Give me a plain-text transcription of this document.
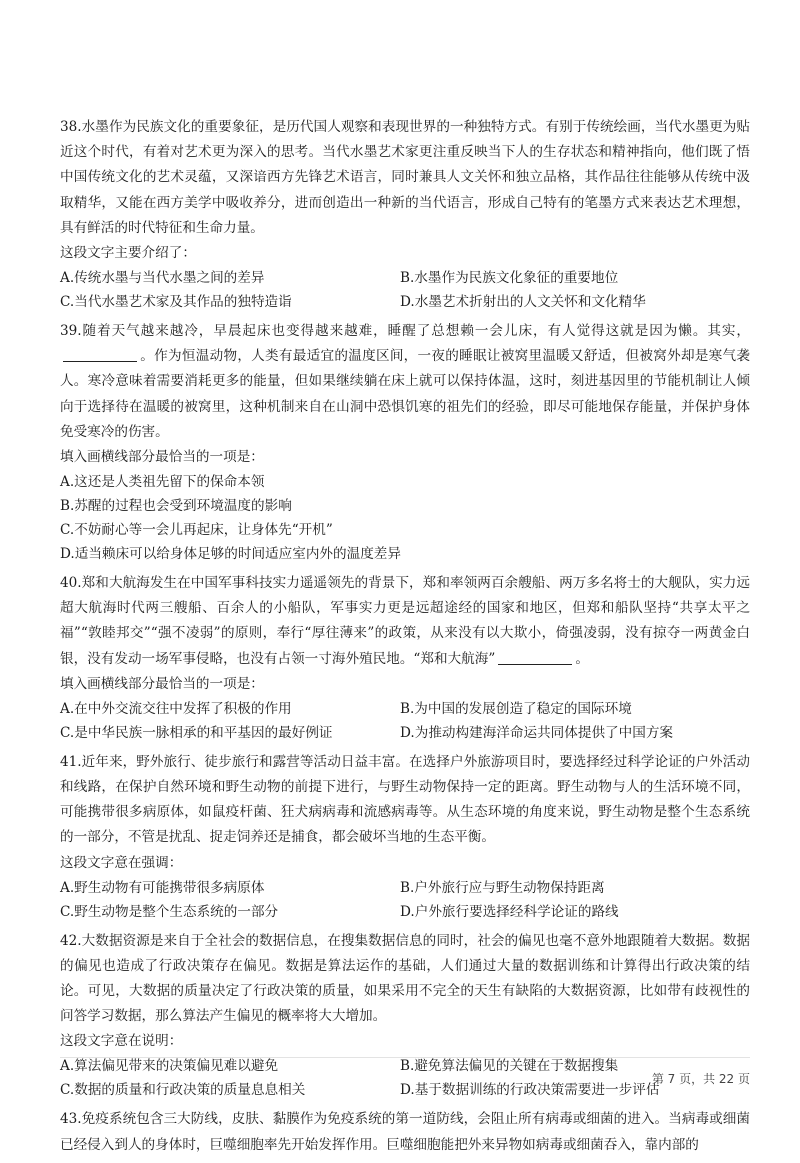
38.水墨作为民族文化的重要象征，是历代国人观察和表现世界的一种独特方式。有别于传统绘画，当代水墨更为贴近这个时代，有着对艺术更为深入的思考。当代水墨艺术家更注重反映当下人的生存状态和精神指向，他们既了悟中国传统文化的艺术灵蕴，又深谙西方先锋艺术语言，同时兼具人文关怀和独立品格，其作品往往能够从传统中汲取精华，又能在西方美学中吸收养分，进而创造出一种新的当代语言，形成自己特有的笔墨方式来表达艺术理想，具有鲜活的时代特征和生命力量。

这段文字主要介绍了：

A.传统水墨与当代水墨之间的差异	B.水墨作为民族文化象征的重要地位
C.当代水墨艺术家及其作品的独特造诣	D.水墨艺术折射出的人文关怀和文化精华

39.随着天气越来越冷，早晨起床也变得越来越难，睡醒了总想赖一会儿床，有人觉得这就是因为懒。其实，。作为恒温动物，人类有最适宜的温度区间，一夜的睡眠让被窝里温暖又舒适，但被窝外却是寒气袭人。寒冷意味着需要消耗更多的能量，但如果继续躺在床上就可以保持体温，这时，刻进基因里的节能机制让人倾向于选择待在温暖的被窝里，这种机制来自在山洞中恐惧饥寒的祖先们的经验，即尽可能地保存能量，并保护身体免受寒冷的伤害。

填入画横线部分最恰当的一项是：

A.这还是人类祖先留下的保命本领
B.苏醒的过程也会受到环境温度的影响
C.不妨耐心等一会儿再起床，让身体先“开机”
D.适当赖床可以给身体足够的时间适应室内外的温度差异

40.郑和大航海发生在中国军事科技实力遥遥领先的背景下，郑和率领两百余艘船、两万多名将士的大舰队，实力远超大航海时代两三艘船、百余人的小船队，军事实力更是远超途经的国家和地区，但郑和船队坚持“共享太平之福”“敦睦邦交”“强不凌弱”的原则，奉行“厚往薄来”的政策，从来没有以大欺小，倚强凌弱，没有掠夺一两黄金白银，没有发动一场军事侵略，也没有占领一寸海外殖民地。“郑和大航海”	。

填入画横线部分最恰当的一项是：

A.在中外交流交往中发挥了积极的作用	B.为中国的发展创造了稳定的国际环境
C.是中华民族一脉相承的和平基因的最好例证	D.为推动构建海洋命运共同体提供了中国方案

41.近年来，野外旅行、徒步旅行和露营等活动日益丰富。在选择户外旅游项目时，要选择经过科学论证的户外活动和线路，在保护自然环境和野生动物的前提下进行，与野生动物保持一定的距离。野生动物与人的生活环境不同，可能携带很多病原体，如鼠疫杆菌、狂犬病病毒和流感病毒等。从生态环境的角度来说，野生动物是整个生态系统的一部分，不管是扰乱、捉走饲养还是捕食，都会破坏当地的生态平衡。

这段文字意在强调：

A.野生动物有可能携带很多病原体	B.户外旅行应与野生动物保持距离
C.野生动物是整个生态系统的一部分	D.户外旅行要选择经科学论证的路线

42.大数据资源是来自于全社会的数据信息，在搜集数据信息的同时，社会的偏见也毫不意外地跟随着大数据。数据的偏见也造成了行政决策存在偏见。数据是算法运作的基础，人们通过大量的数据训练和计算得出行政决策的结论。可见，大数据的质量决定了行政决策的质量，如果采用不完全的天生有缺陷的大数据资源，比如带有歧视性的问答学习数据，那么算法产生偏见的概率将大大增加。

这段文字意在说明：

A.算法偏见带来的决策偏见难以避免	B.避免算法偏见的关键在于数据搜集
C.数据的质量和行政决策的质量息息相关	D.基于数据训练的行政决策需要进一步评估

43.免疫系统包含三大防线，皮肤、黏膜作为免疫系统的第一道防线，会阻止所有病毒或细菌的进入。当病毒或细菌已经侵入到人的身体时，巨噬细胞率先开始发挥作用。巨噬细胞能把外来异物如病毒或细菌吞入，靠内部的

第 7 页，共 22 页
